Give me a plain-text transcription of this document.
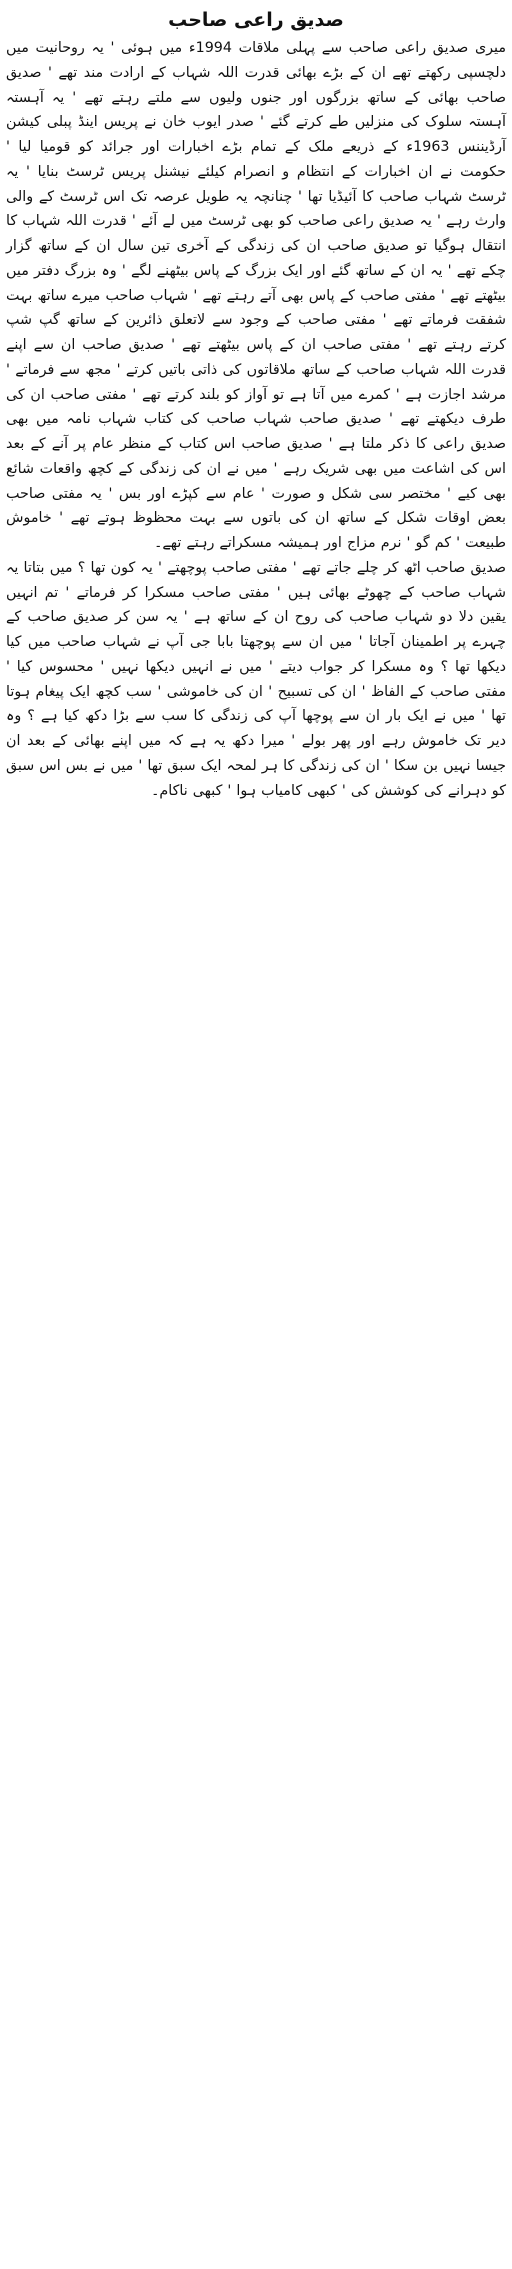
صدیق راعی صاحب

میری صدیق راعی صاحب سے پہلی ملاقات 1994ء میں ہوئی ' یہ روحانیت میں دلچسپی رکھتے تھے ان کے بڑے بھائی قدرت اللہ شہاب کے ارادت مند تھے ' صدیق صاحب بھائی کے ساتھ بزرگوں اور جنوں ولیوں سے ملتے رہتے تھے ' یہ آہستہ آہستہ سلوک کی منزلیں طے کرتے گئے ' صدر ایوب خان نے پریس اینڈ پبلی کیشن آرڈیننس 1963ء کے ذریعے ملک کے تمام بڑے اخبارات اور جرائد کو قومیا لیا ' حکومت نے ان اخبارات کے انتظام و انصرام کیلئے نیشنل پریس ٹرسٹ بنایا ' یہ ٹرسٹ شہاب صاحب کا آئیڈیا تھا ' چنانچہ یہ طویل عرصہ تک اس ٹرسٹ کے والی وارث رہے ' یہ صدیق راعی صاحب کو بھی ٹرسٹ میں لے آئے ' قدرت اللہ شہاب کا انتقال ہوگیا تو صدیق صاحب ان کی زندگی کے آخری تین سال ان کے ساتھ گزار چکے تھے ' یہ ان کے ساتھ گئے اور ایک بزرگ کے پاس بیٹھنے لگے ' وہ بزرگ دفتر میں بیٹھتے تھے ' مفتی صاحب کے پاس بھی آتے رہتے تھے ' شہاب صاحب میرے ساتھ بہت شفقت فرماتے تھے ' مفتی صاحب کے وجود سے لاتعلق ذائرین کے ساتھ گپ شپ کرتے رہتے تھے ' مفتی صاحب ان کے پاس بیٹھتے تھے ' صدیق صاحب ان سے اپنے قدرت اللہ شہاب صاحب کے ساتھ ملاقاتوں کی ذاتی باتیں کرتے ' مجھ سے فرماتے ' مرشد اجازت ہے ' کمرے میں آتا ہے تو آواز کو بلند کرتے تھے ' مفتی صاحب ان کی طرف دیکھتے تھے ' صدیق صاحب شہاب صاحب کی کتاب شہاب نامہ میں بھی صدیق راعی کا ذکر ملتا ہے ' صدیق صاحب اس کتاب کے منظر عام پر آنے کے بعد اس کی اشاعت میں بھی شریک رہے ' میں نے ان کی زندگی کے کچھ واقعات شائع بھی کیے ' مختصر سی شکل و صورت ' عام سے کپڑے اور بس ' یہ مفتی صاحب بعض اوقات شکل کے ساتھ ان کی باتوں سے بہت محظوظ ہوتے تھے ' خاموش طبیعت ' کم گو ' نرم مزاج اور ہمیشہ مسکراتے رہتے تھے۔

صدیق صاحب اٹھ کر چلے جاتے تھے ' مفتی صاحب پوچھتے ' یہ کون تھا ؟ میں بتاتا یہ شہاب صاحب کے چھوٹے بھائی ہیں ' مفتی صاحب مسکرا کر فرماتے ' تم انہیں یقین دلا دو شہاب صاحب کی روح ان کے ساتھ ہے ' یہ سن کر صدیق صاحب کے چہرے پر اطمینان آجاتا ' میں ان سے پوچھتا بابا جی آپ نے شہاب صاحب میں کیا دیکھا تھا ؟ وہ مسکرا کر جواب دیتے ' میں نے انہیں دیکھا نہیں ' محسوس کیا ' مفتی صاحب کے الفاظ ' ان کی تسبیح ' ان کی خاموشی ' سب کچھ ایک پیغام ہوتا تھا ' میں نے ایک بار ان سے پوچھا آپ کی زندگی کا سب سے بڑا دکھ کیا ہے ؟ وہ دیر تک خاموش رہے اور پھر بولے ' میرا دکھ یہ ہے کہ میں اپنے بھائی کے بعد ان جیسا نہیں بن سکا ' ان کی زندگی کا ہر لمحہ ایک سبق تھا ' میں نے بس اس سبق کو دہرانے کی کوشش کی ' کبھی کامیاب ہوا ' کبھی ناکام۔
